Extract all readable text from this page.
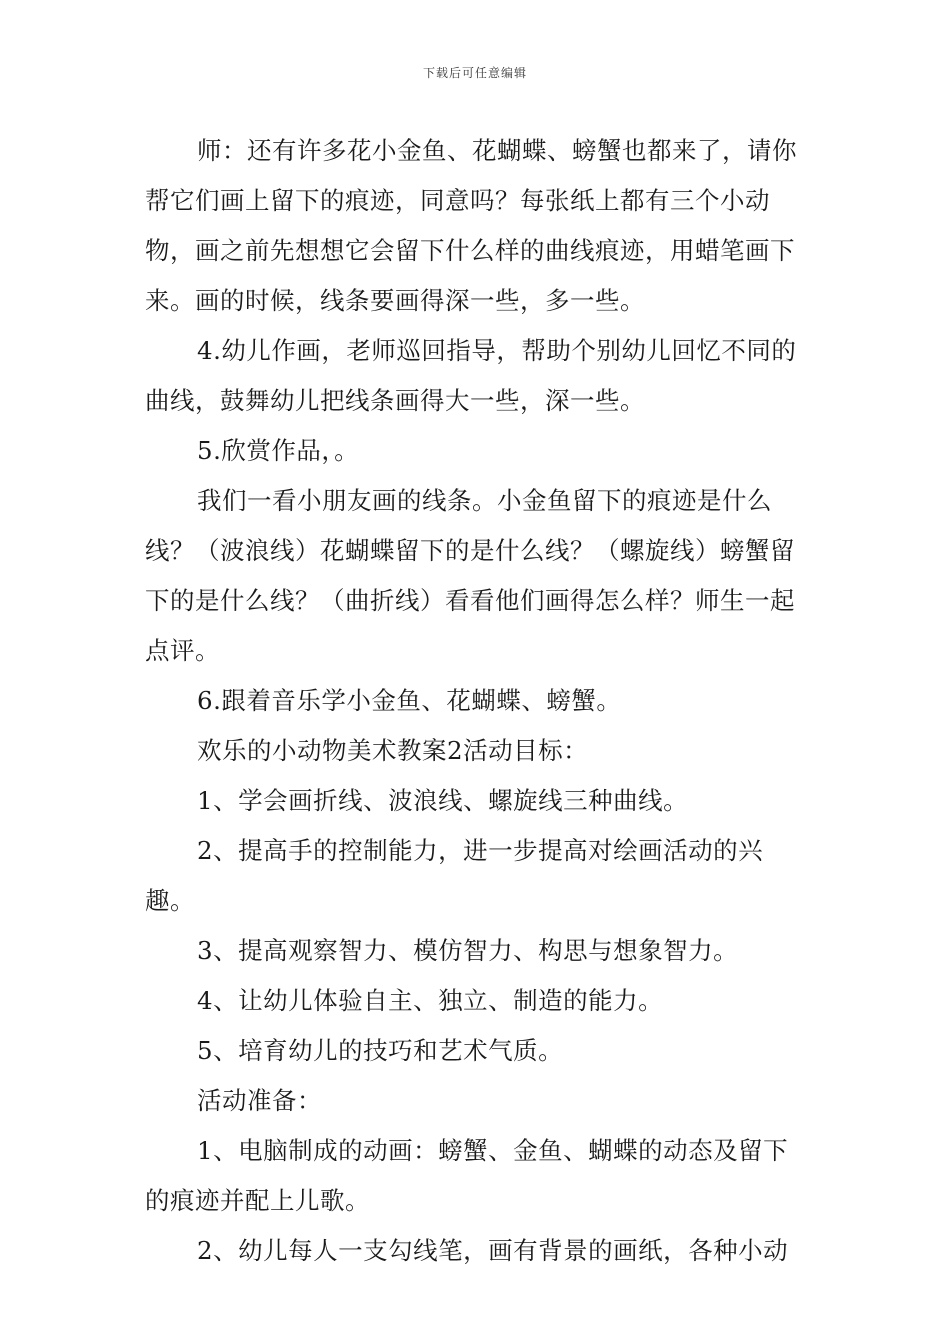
下载后可任意编辑

师：还有许多花小金鱼、花蝴蝶、螃蟹也都来了，请你帮它们画上留下的痕迹，同意吗？每张纸上都有三个小动物，画之前先想想它会留下什么样的曲线痕迹，用蜡笔画下来。画的时候，线条要画得深一些，多一些。

4.幼儿作画，老师巡回指导，帮助个别幼儿回忆不同的曲线，鼓舞幼儿把线条画得大一些，深一些。

5.欣赏作品，。

我们一看小朋友画的线条。小金鱼留下的痕迹是什么线？（波浪线）花蝴蝶留下的是什么线？（螺旋线）螃蟹留下的是什么线？（曲折线）看看他们画得怎么样？师生一起点评。

6.跟着音乐学小金鱼、花蝴蝶、螃蟹。

欢乐的小动物美术教案2活动目标：

1、学会画折线、波浪线、螺旋线三种曲线。

2、提高手的控制能力，进一步提高对绘画活动的兴趣。

3、提高观察智力、模仿智力、构思与想象智力。

4、让幼儿体验自主、独立、制造的能力。

5、培育幼儿的技巧和艺术气质。

活动准备：

1、电脑制成的动画：螃蟹、金鱼、蝴蝶的动态及留下的痕迹并配上儿歌。

2、幼儿每人一支勾线笔，画有背景的画纸，各种小动
